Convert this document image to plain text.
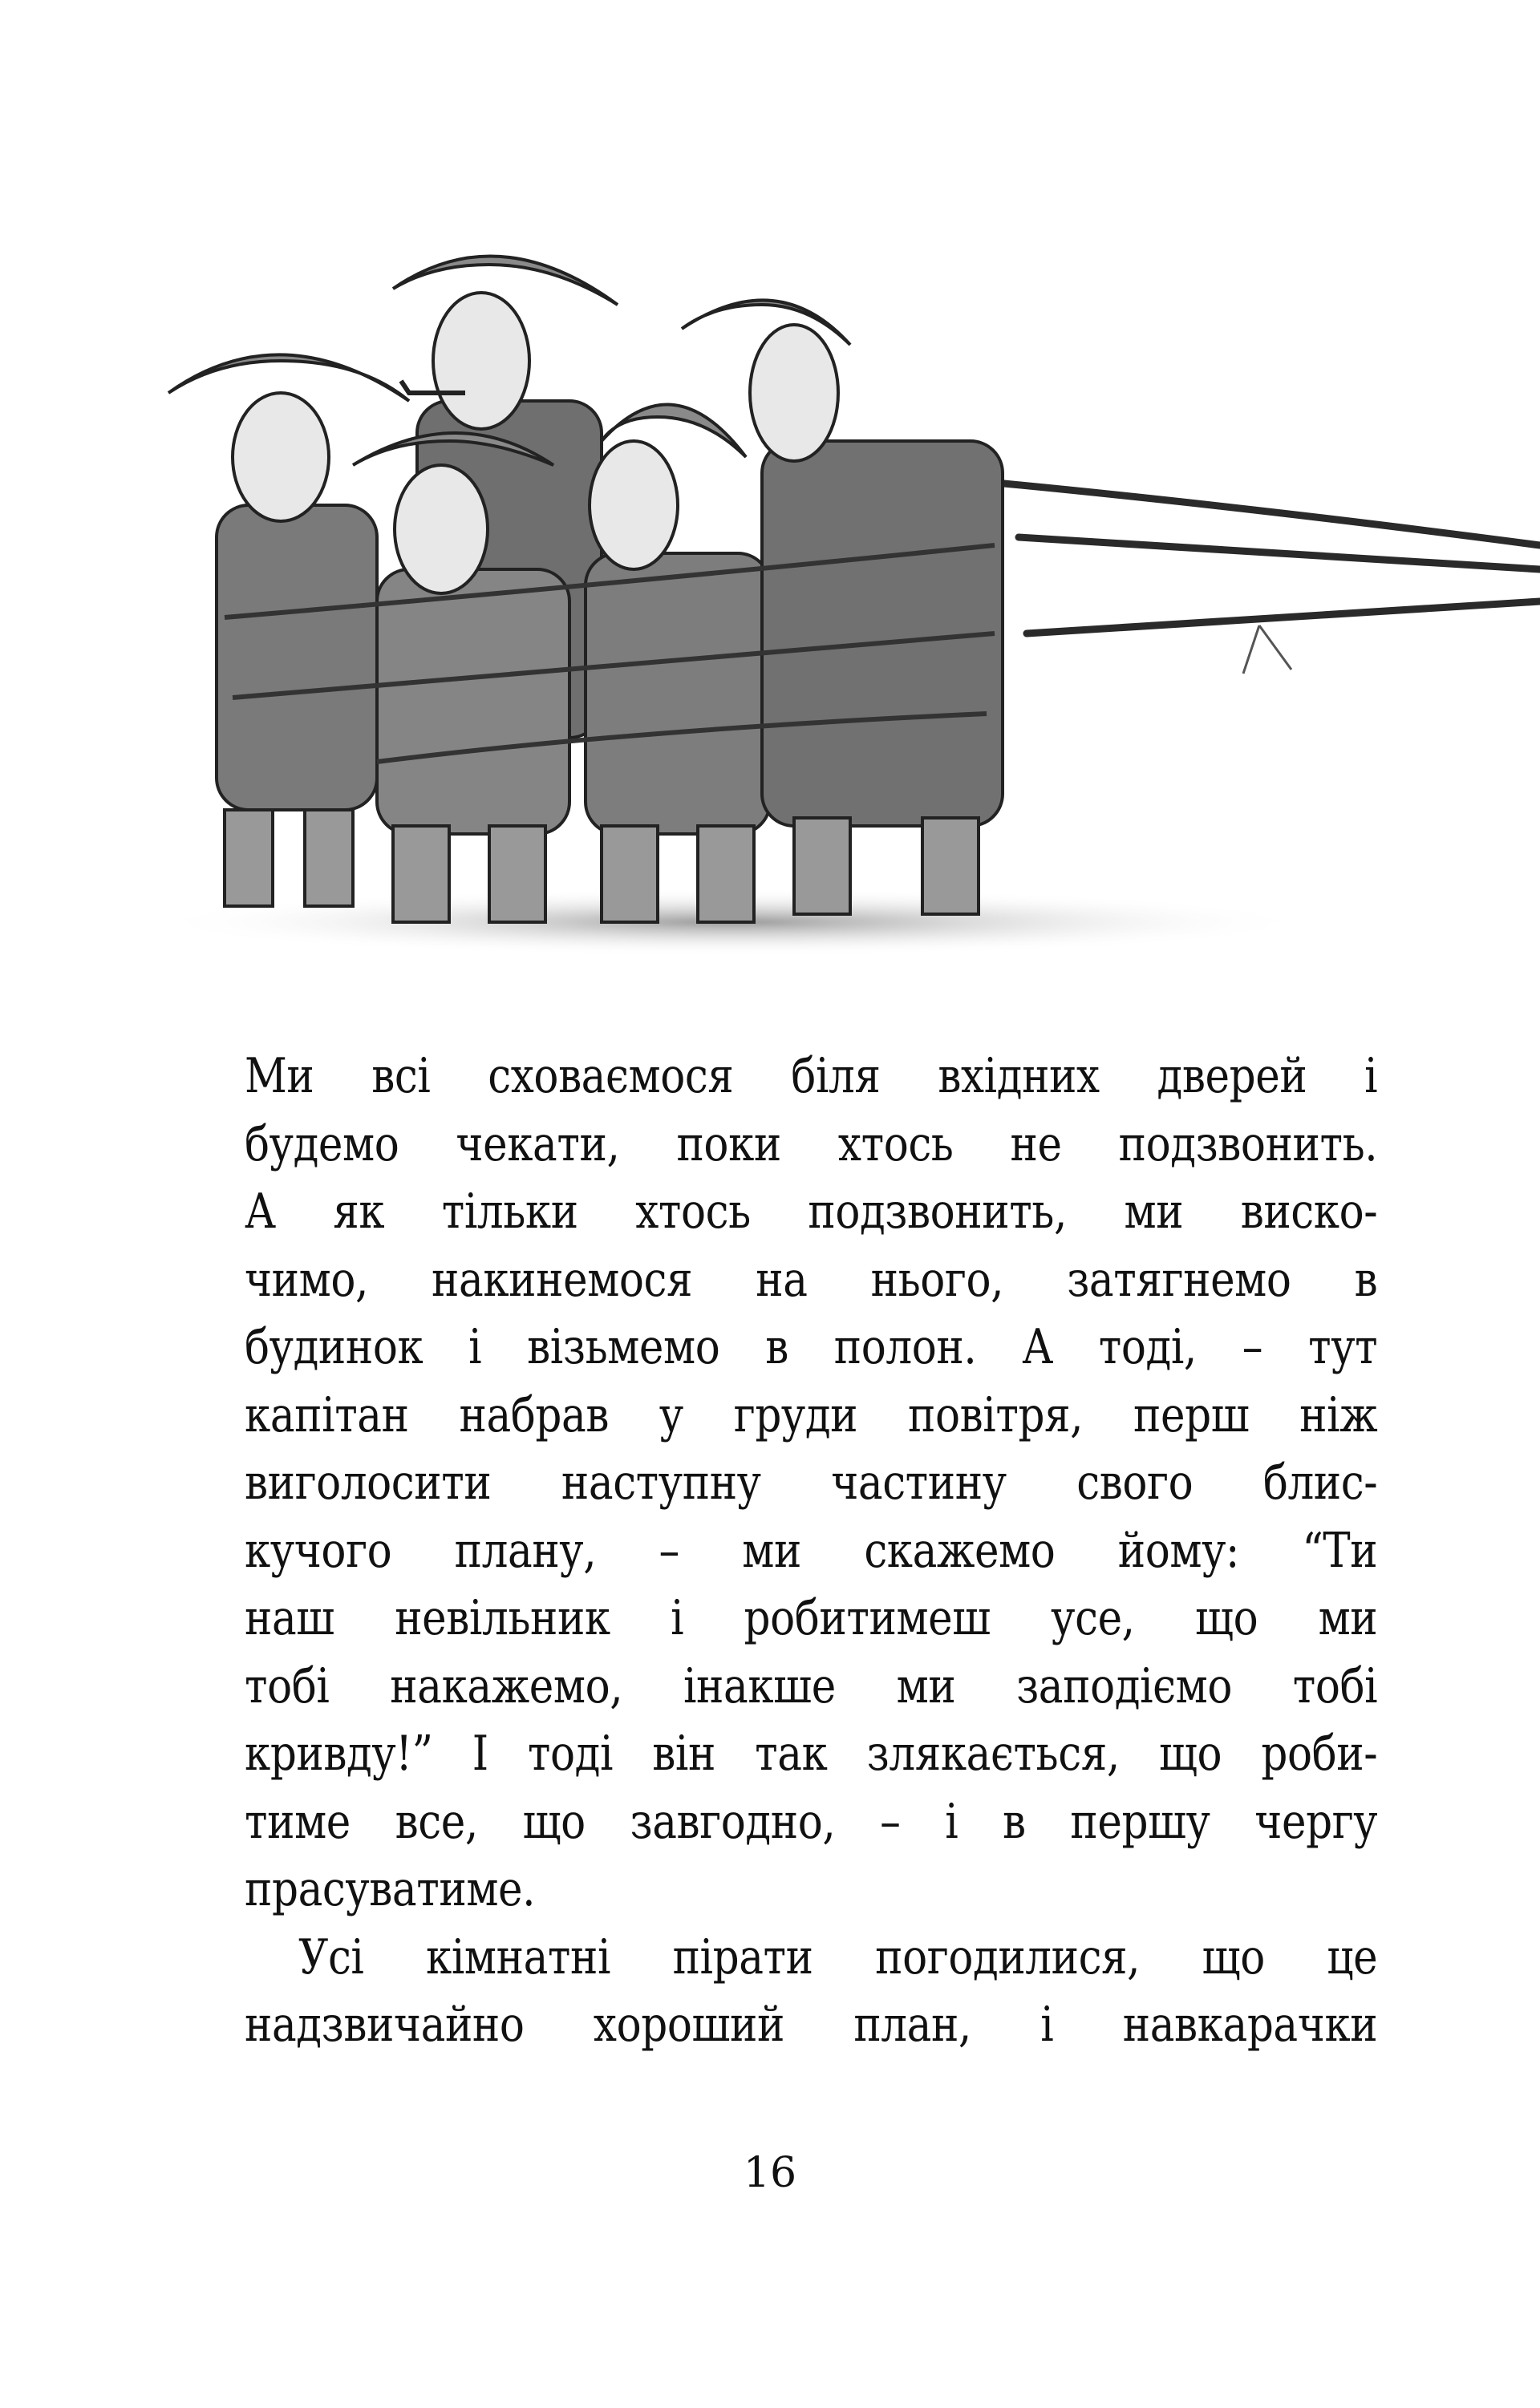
Ми всі сховаємося біля вхідних дверей і
будемо чекати, поки хтось не подзвонить.
А як тільки хтось подзвонить, ми виско-
чимо, накинемося на нього, затягнемо в
будинок і візьмемо в полон. А тоді, – тут
капітан набрав у груди повітря, перш ніж
виголосити наступну частину свого блис-
кучого плану, – ми скажемо йому: “Ти
наш невільник і робитимеш усе, що ми
тобі накажемо, інакше ми заподіємо тобі
кривду!” І тоді він так злякається, що роби-
тиме все, що завгодно, – і в першу чергу
прасуватиме.
Усі кімнатні пірати погодилися, що це
надзвичайно хороший план, і навкарачки
16
